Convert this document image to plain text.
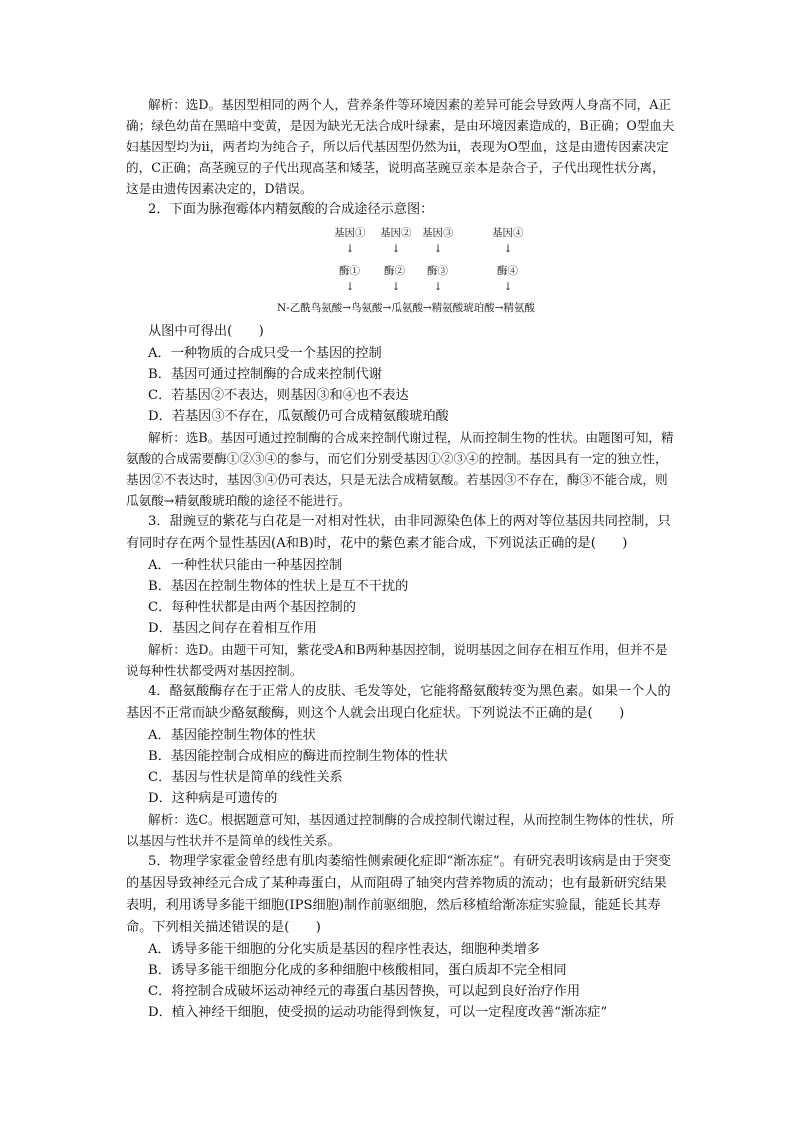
解析：选D。基因型相同的两个人，营养条件等环境因素的差异可能会导致两人身高不同，A正确；绿色幼苗在黑暗中变黄，是因为缺光无法合成叶绿素，是由环境因素造成的，B正确；O型血夫妇基因型均为ii，两者均为纯合子，所以后代基因型仍然为ii，表现为O型血，这是由遗传因素决定的，C正确；高茎豌豆的子代出现高茎和矮茎，说明高茎豌豆亲本是杂合子，子代出现性状分离，这是由遗传因素决定的，D错误。

2．下面为脉孢霉体内精氨酸的合成途径示意图：

基因① 基因② 基因③	基因④
↓	↓	↓	↓
酶① 酶② 酶③	酶④
↓	↓	↓	↓
N-乙酰鸟氨酸→鸟氨酸→瓜氨酸→精氨酸琥珀酸→精氨酸

从图中可得出(　　)

A．一种物质的合成只受一个基因的控制

B．基因可通过控制酶的合成来控制代谢

C．若基因②不表达，则基因③和④也不表达

D．若基因③不存在，瓜氨酸仍可合成精氨酸琥珀酸

解析：选B。基因可通过控制酶的合成来控制代谢过程，从而控制生物的性状。由题图可知，精氨酸的合成需要酶①②③④的参与，而它们分别受基因①②③④的控制。基因具有一定的独立性，基因②不表达时，基因③④仍可表达，只是无法合成精氨酸。若基因③不存在，酶③不能合成，则瓜氨酸→精氨酸琥珀酸的途径不能进行。

3．甜豌豆的紫花与白花是一对相对性状，由非同源染色体上的两对等位基因共同控制，只有同时存在两个显性基因(A和B)时，花中的紫色素才能合成，下列说法正确的是(　　)

A．一种性状只能由一种基因控制

B．基因在控制生物体的性状上是互不干扰的

C．每种性状都是由两个基因控制的

D．基因之间存在着相互作用

解析：选D。由题干可知，紫花受A和B两种基因控制，说明基因之间存在相互作用，但并不是说每种性状都受两对基因控制。

4．酪氨酸酶存在于正常人的皮肤、毛发等处，它能将酪氨酸转变为黑色素。如果一个人的基因不正常而缺少酪氨酸酶，则这个人就会出现白化症状。下列说法不正确的是(　　)

A．基因能控制生物体的性状

B．基因能控制合成相应的酶进而控制生物体的性状

C．基因与性状是简单的线性关系

D．这种病是可遗传的

解析：选C。根据题意可知，基因通过控制酶的合成控制代谢过程，从而控制生物体的性状，所以基因与性状并不是简单的线性关系。

5．物理学家霍金曾经患有肌肉萎缩性侧索硬化症即“渐冻症”。有研究表明该病是由于突变的基因导致神经元合成了某种毒蛋白，从而阻碍了轴突内营养物质的流动；也有最新研究结果表明，利用诱导多能干细胞(IPS细胞)制作前驱细胞，然后移植给渐冻症实验鼠，能延长其寿命。下列相关描述错误的是(　　)

A．诱导多能干细胞的分化实质是基因的程序性表达，细胞种类增多

B．诱导多能干细胞分化成的多种细胞中核酸相同，蛋白质却不完全相同

C．将控制合成破坏运动神经元的毒蛋白基因替换，可以起到良好治疗作用

D．植入神经干细胞，使受损的运动功能得到恢复，可以一定程度改善“渐冻症”
